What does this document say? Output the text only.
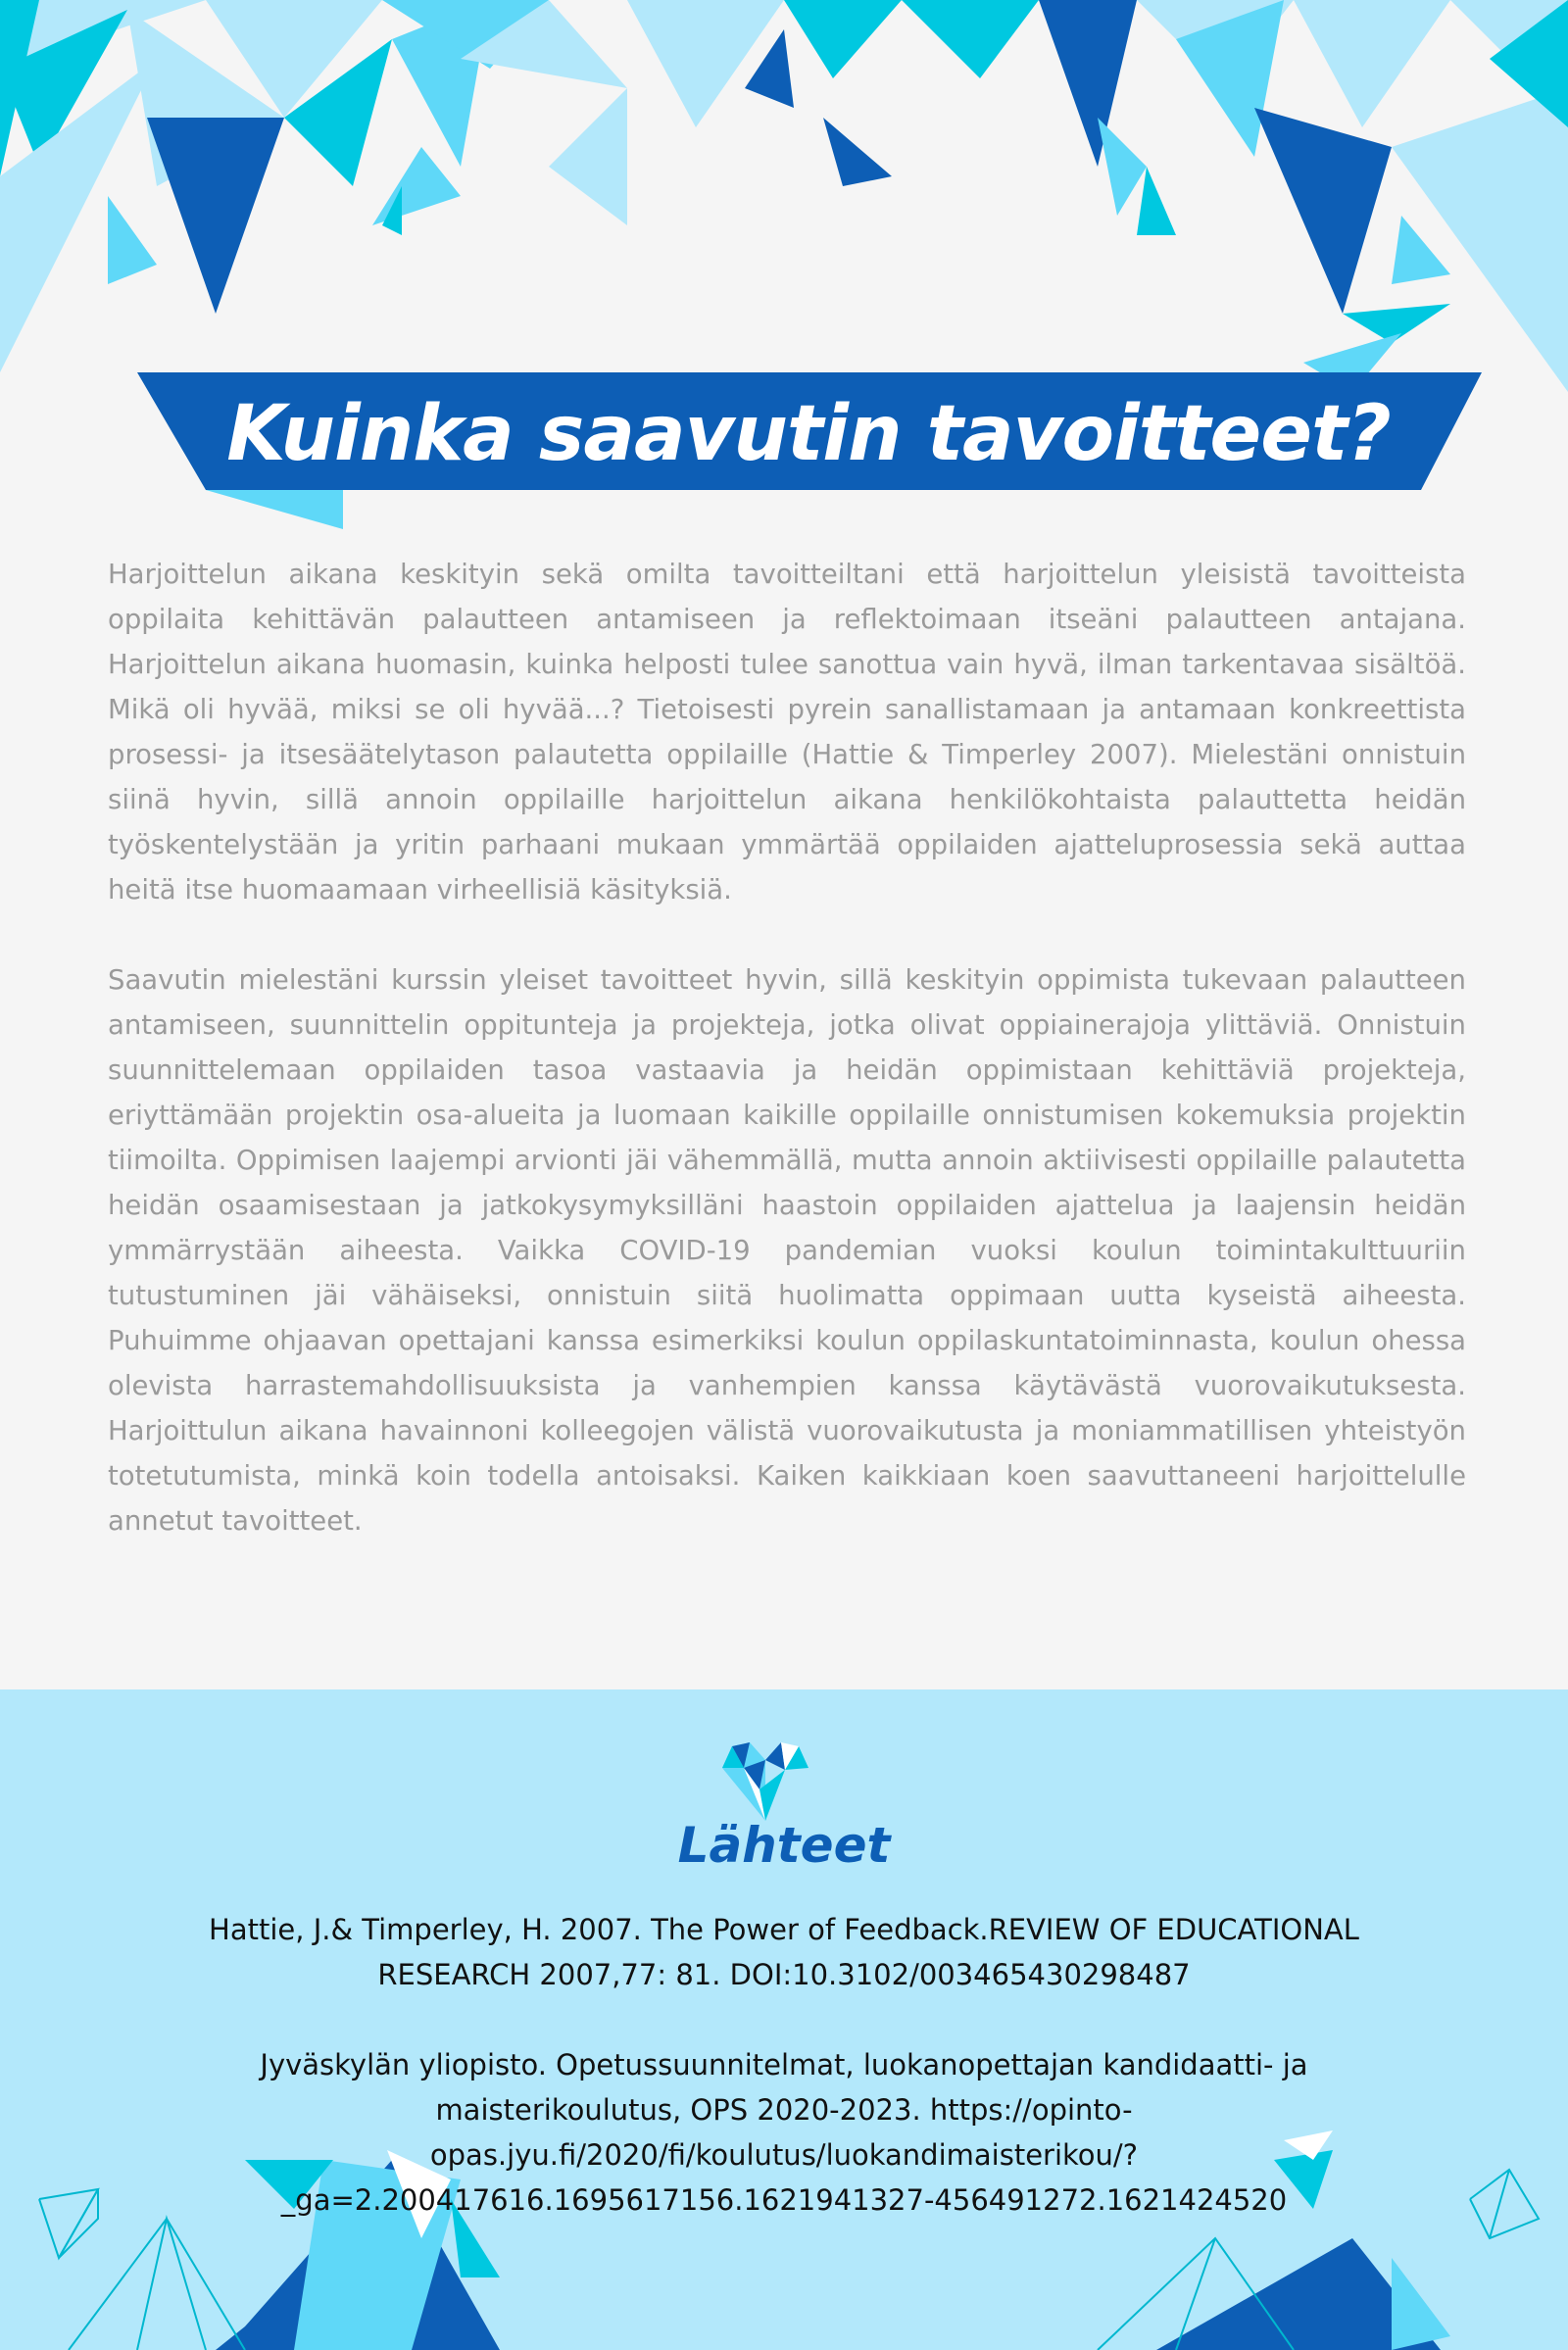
Kuinka saavutin tavoitteet?

Harjoittelun aikana keskityin sekä omilta tavoitteiltani että harjoittelun yleisistä tavoitteista oppilaita kehittävän palautteen antamiseen ja reflektoimaan itseäni palautteen antajana. Harjoittelun aikana huomasin, kuinka helposti tulee sanottua vain hyvä, ilman tarkentavaa sisältöä. Mikä oli hyvää, miksi se oli hyvää...? Tietoisesti pyrein sanallistamaan ja antamaan konkreettista prosessi- ja itsesäätelytason palautetta oppilaille (Hattie & Timperley 2007). Mielestäni onnistuin siinä hyvin, sillä annoin oppilaille harjoittelun aikana henkilökohtaista palauttetta heidän työskentelystään ja yritin parhaani mukaan ymmärtää oppilaiden ajatteluprosessia sekä auttaa heitä itse huomaamaan virheellisiä käsityksiä.

Saavutin mielestäni kurssin yleiset tavoitteet hyvin, sillä keskityin oppimista tukevaan palautteen antamiseen, suunnittelin oppitunteja ja projekteja, jotka olivat oppiainerajoja ylittäviä. Onnistuin suunnittelemaan oppilaiden tasoa vastaavia ja heidän oppimistaan kehittäviä projekteja, eriyttämään projektin osa-alueita ja luomaan kaikille oppilaille onnistumisen kokemuksia projektin tiimoilta. Oppimisen laajempi arvionti jäi vähemmällä, mutta annoin aktiivisesti oppilaille palautetta heidän osaamisestaan ja jatkokysymyksilläni haastoin oppilaiden ajattelua ja laajensin heidän ymmärrystään aiheesta. Vaikka COVID-19 pandemian vuoksi koulun toimintakulttuuriin tutustuminen jäi vähäiseksi, onnistuin siitä huolimatta oppimaan uutta kyseistä aiheesta. Puhuimme ohjaavan opettajani kanssa esimerkiksi koulun oppilaskuntatoiminnasta, koulun ohessa olevista harrastemahdollisuuksista ja vanhempien kanssa käytävästä vuorovaikutuksesta. Harjoittulun aikana havainnoni kolleegojen välistä vuorovaikutusta ja moniammatillisen yhteistyön totetutumista, minkä koin todella antoisaksi. Kaiken kaikkiaan koen saavuttaneeni harjoittelulle annetut tavoitteet.

Lähteet

Hattie, J.& Timperley, H. 2007. The Power of Feedback.REVIEW OF EDUCATIONAL
RESEARCH 2007,77: 81. DOI:10.3102/003465430298487

Jyväskylän yliopisto. Opetussuunnitelmat, luokanopettajan kandidaatti- ja
maisterikoulutus, OPS 2020-2023. https://opinto-
opas.jyu.fi/2020/fi/koulutus/luokandimaisterikou/?
_ga=2.200417616.1695617156.1621941327-456491272.1621424520
